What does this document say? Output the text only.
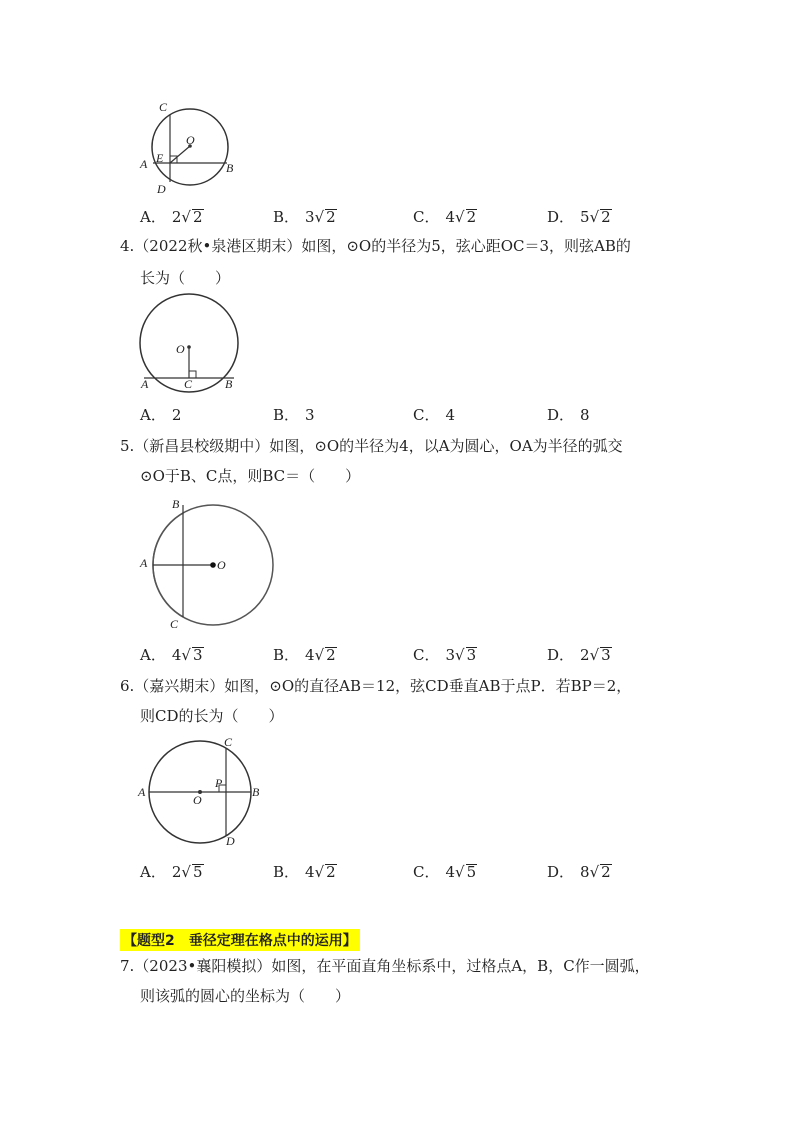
C
O
E
A	B
D
A． 2√ 2	B． 3√ 2	C． 4√ 2	D． 5√ 2
4.（2022秋•泉港区期末）如图，⊙O的半径为5，弦心距OC＝3，则弦AB的
长为（　　）
O
A	C	B
A． 2	B． 3	C． 4	D． 8
5.（新昌县校级期中）如图，⊙O的半径为4，以A为圆心，OA为半径的弧交
⊙O于B、C点，则BC＝（　　）
B
A	O
C
A． 4√ 3	B． 4√ 2	C． 3√ 3	D． 2√ 3
6.（嘉兴期末）如图，⊙O的直径AB＝12，弦CD垂直AB于点P．若BP＝2，
则CD的长为（　　）
C
P
A
O
B
D
A． 2√ 5	B． 4√ 2	C． 4√ 5	D． 8√ 2
【题型2　垂径定理在格点中的运用】
7.（2023•襄阳模拟）如图，在平面直角坐标系中，过格点A，B，C作一圆弧，
则该弧的圆心的坐标为（　　）
